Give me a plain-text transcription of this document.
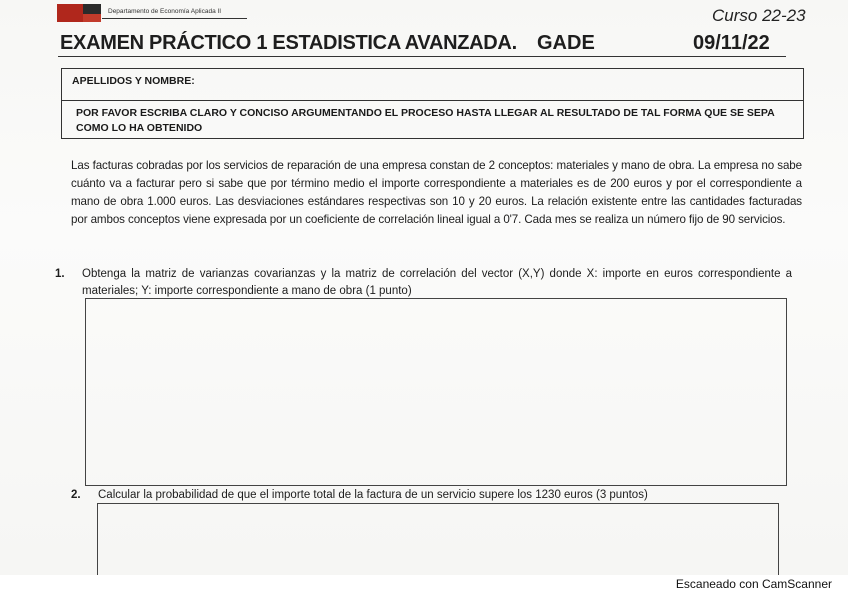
Departamento de Economía Aplicada II	Curso 22-23
EXAMEN PRÁCTICO 1 ESTADISTICA AVANZADA. GADE	09/11/22
APELLIDOS Y NOMBRE:
POR FAVOR ESCRIBA CLARO Y CONCISO ARGUMENTANDO EL PROCESO HASTA LLEGAR AL RESULTADO DE TAL FORMA QUE SE SEPA COMO LO HA OBTENIDO
Las facturas cobradas por los servicios de reparación de una empresa constan de 2 conceptos: materiales y mano de obra. La empresa no sabe cuánto va a facturar pero si sabe que por término medio el importe correspondiente a materiales es de 200 euros y por el correspondiente a mano de obra 1.000 euros. Las desviaciones estándares respectivas son 10 y 20 euros. La relación existente entre las cantidades facturadas por ambos conceptos viene expresada por un coeficiente de correlación lineal igual a 0'7. Cada mes se realiza un número fijo de 90 servicios.
1. Obtenga la matriz de varianzas covarianzas y la matriz de correlación del vector (X,Y) donde X: importe en euros correspondiente a materiales; Y: importe correspondiente a mano de obra (1 punto)
2. Calcular la probabilidad de que el importe total de la factura de un servicio supere los 1230 euros (3 puntos)
Escaneado con CamScanner
